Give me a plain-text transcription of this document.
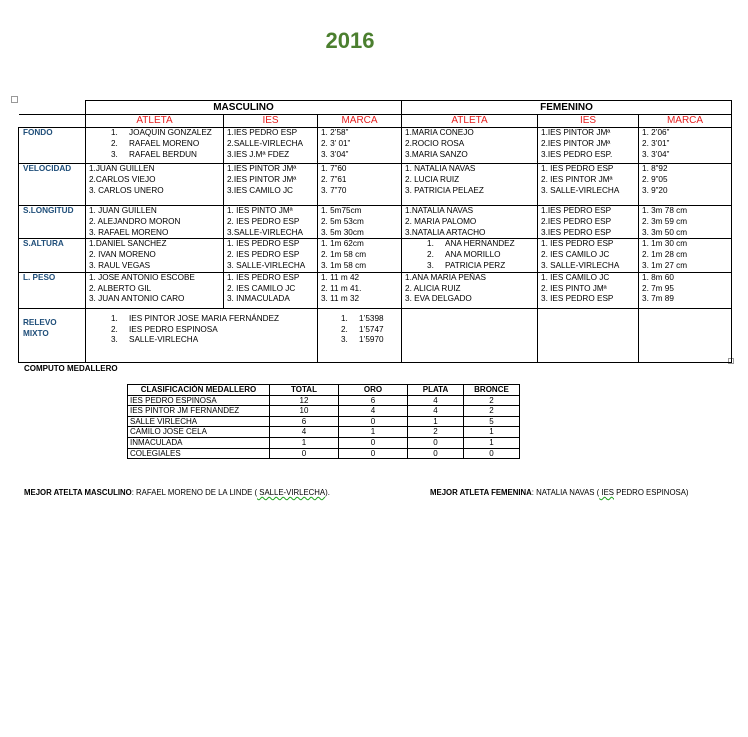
2016
	MASCULINO			FEMENINO		
	ATLETA	IES	MARCA	ATLETA	IES	MARCA
FONDO	1. JOAQUIN GONZALEZ
2. RAFAEL MORENO
3. RAFAEL BERDUN	1.IES PEDRO ESP
2.SALLE-VIRLECHA
3.IES J.Mª FDEZ	1. 2’58”
2. 3’ 01”
3. 3’04”	1.MARIA CONEJO
2.ROCIO ROSA
3.MARIA SANZO	1.IES PINTOR JMª
2.IES PINTOR JMª
3.IES PEDRO ESP.	1. 2’06”
2. 3’01”
3. 3’04”

VELOCIDAD	1.JUAN GUILLEN
2.CARLOS VIEJO
3. CARLOS UNERO	1.IES PINTOR JMª
2.IES PINTOR JMª
3.IES CAMILO JC	1. 7”60
2. 7”61
3. 7”70	1. NATALIA NAVAS
2. LUCIA RUIZ
3. PATRICIA PELAEZ	1. IES PEDRO ESP
2. IES PINTOR JMª
3. SALLE-VIRLECHA	1. 8”92
2. 9”05
3. 9”20

S.LONGITUD	1. JUAN GUILLEN
2. ALEJANDRO MORON
3. RAFAEL MORENO	1. IES PINTO JMª
2. IES PEDRO ESP
3.SALLE-VIRLECHA	1. 5m75cm
2. 5m 53cm
3. 5m 30cm	1.NATALIA NAVAS
2. MARIA PALOMO
3.NATALIA ARTACHO	1.IES PEDRO ESP
2.IES PEDRO ESP
3.IES PEDRO ESP	1. 3m 78 cm
2. 3m 59 cm
3. 3m 50 cm

S.ALTURA	1.DANIEL SANCHEZ
2. IVAN MORENO
3. RAUL VEGAS	1. IES PEDRO ESP
2. IES PEDRO ESP
3. SALLE-VIRLECHA	1. 1m 62cm
2. 1m 58 cm
3. 1m 58 cm	1. ANA HERNANDEZ
2. ANA MORILLO
3. PATRICIA PERZ	1. IES PEDRO ESP
2. IES CAMILO JC
3. SALLE-VIRLECHA	1. 1m 30 cm
2. 1m 28 cm
3. 1m 27 cm

L. PESO	1. JOSE ANTONIO ESCOBE
2. ALBERTO GIL
3. JUAN ANTONIO CARO	1. IES PEDRO ESP
2. IES CAMILO JC
3. INMACULADA	1. 11 m 42
2. 11 m 41.
3. 11 m 32	1.ANA MARIA PEÑAS
2. ALICIA RUIZ
3. EVA DELGADO	1. IES CAMILO JC
2. IES PINTO JMª
3. IES PEDRO ESP	1. 8m 60
2. 7m 95
3. 7m 89

RELEVO
MIXTO	1. IES PINTOR JOSE MARIA FERNÁNDEZ
2. IES PEDRO ESPINOSA
3. SALLE-VIRLECHA		1. 1’5398
2. 1’5747
3. 1’5970			

COMPUTO MEDALLERO
CLASIFICACIÓN MEDALLERO	TOTAL	ORO	PLATA	BRONCE
IES PEDRO ESPINOSA	12	6	4	2
IES PINTOR JM FERNANDEZ	10	4	4	2
SALLE VIRLECHA	6	0	1	5
CAMILO JOSE CELA	4	1	2	1
INMACULADA	1	0	0	1
COLEGIALES	0	0	0	0
MEJOR ATELTA MASCULINO: RAFAEL MORENO DE LA LINDE ( SALLE-VIRLECHA).	MEJOR ATLETA FEMENINA: NATALIA NAVAS ( IES PEDRO ESPINOSA)
